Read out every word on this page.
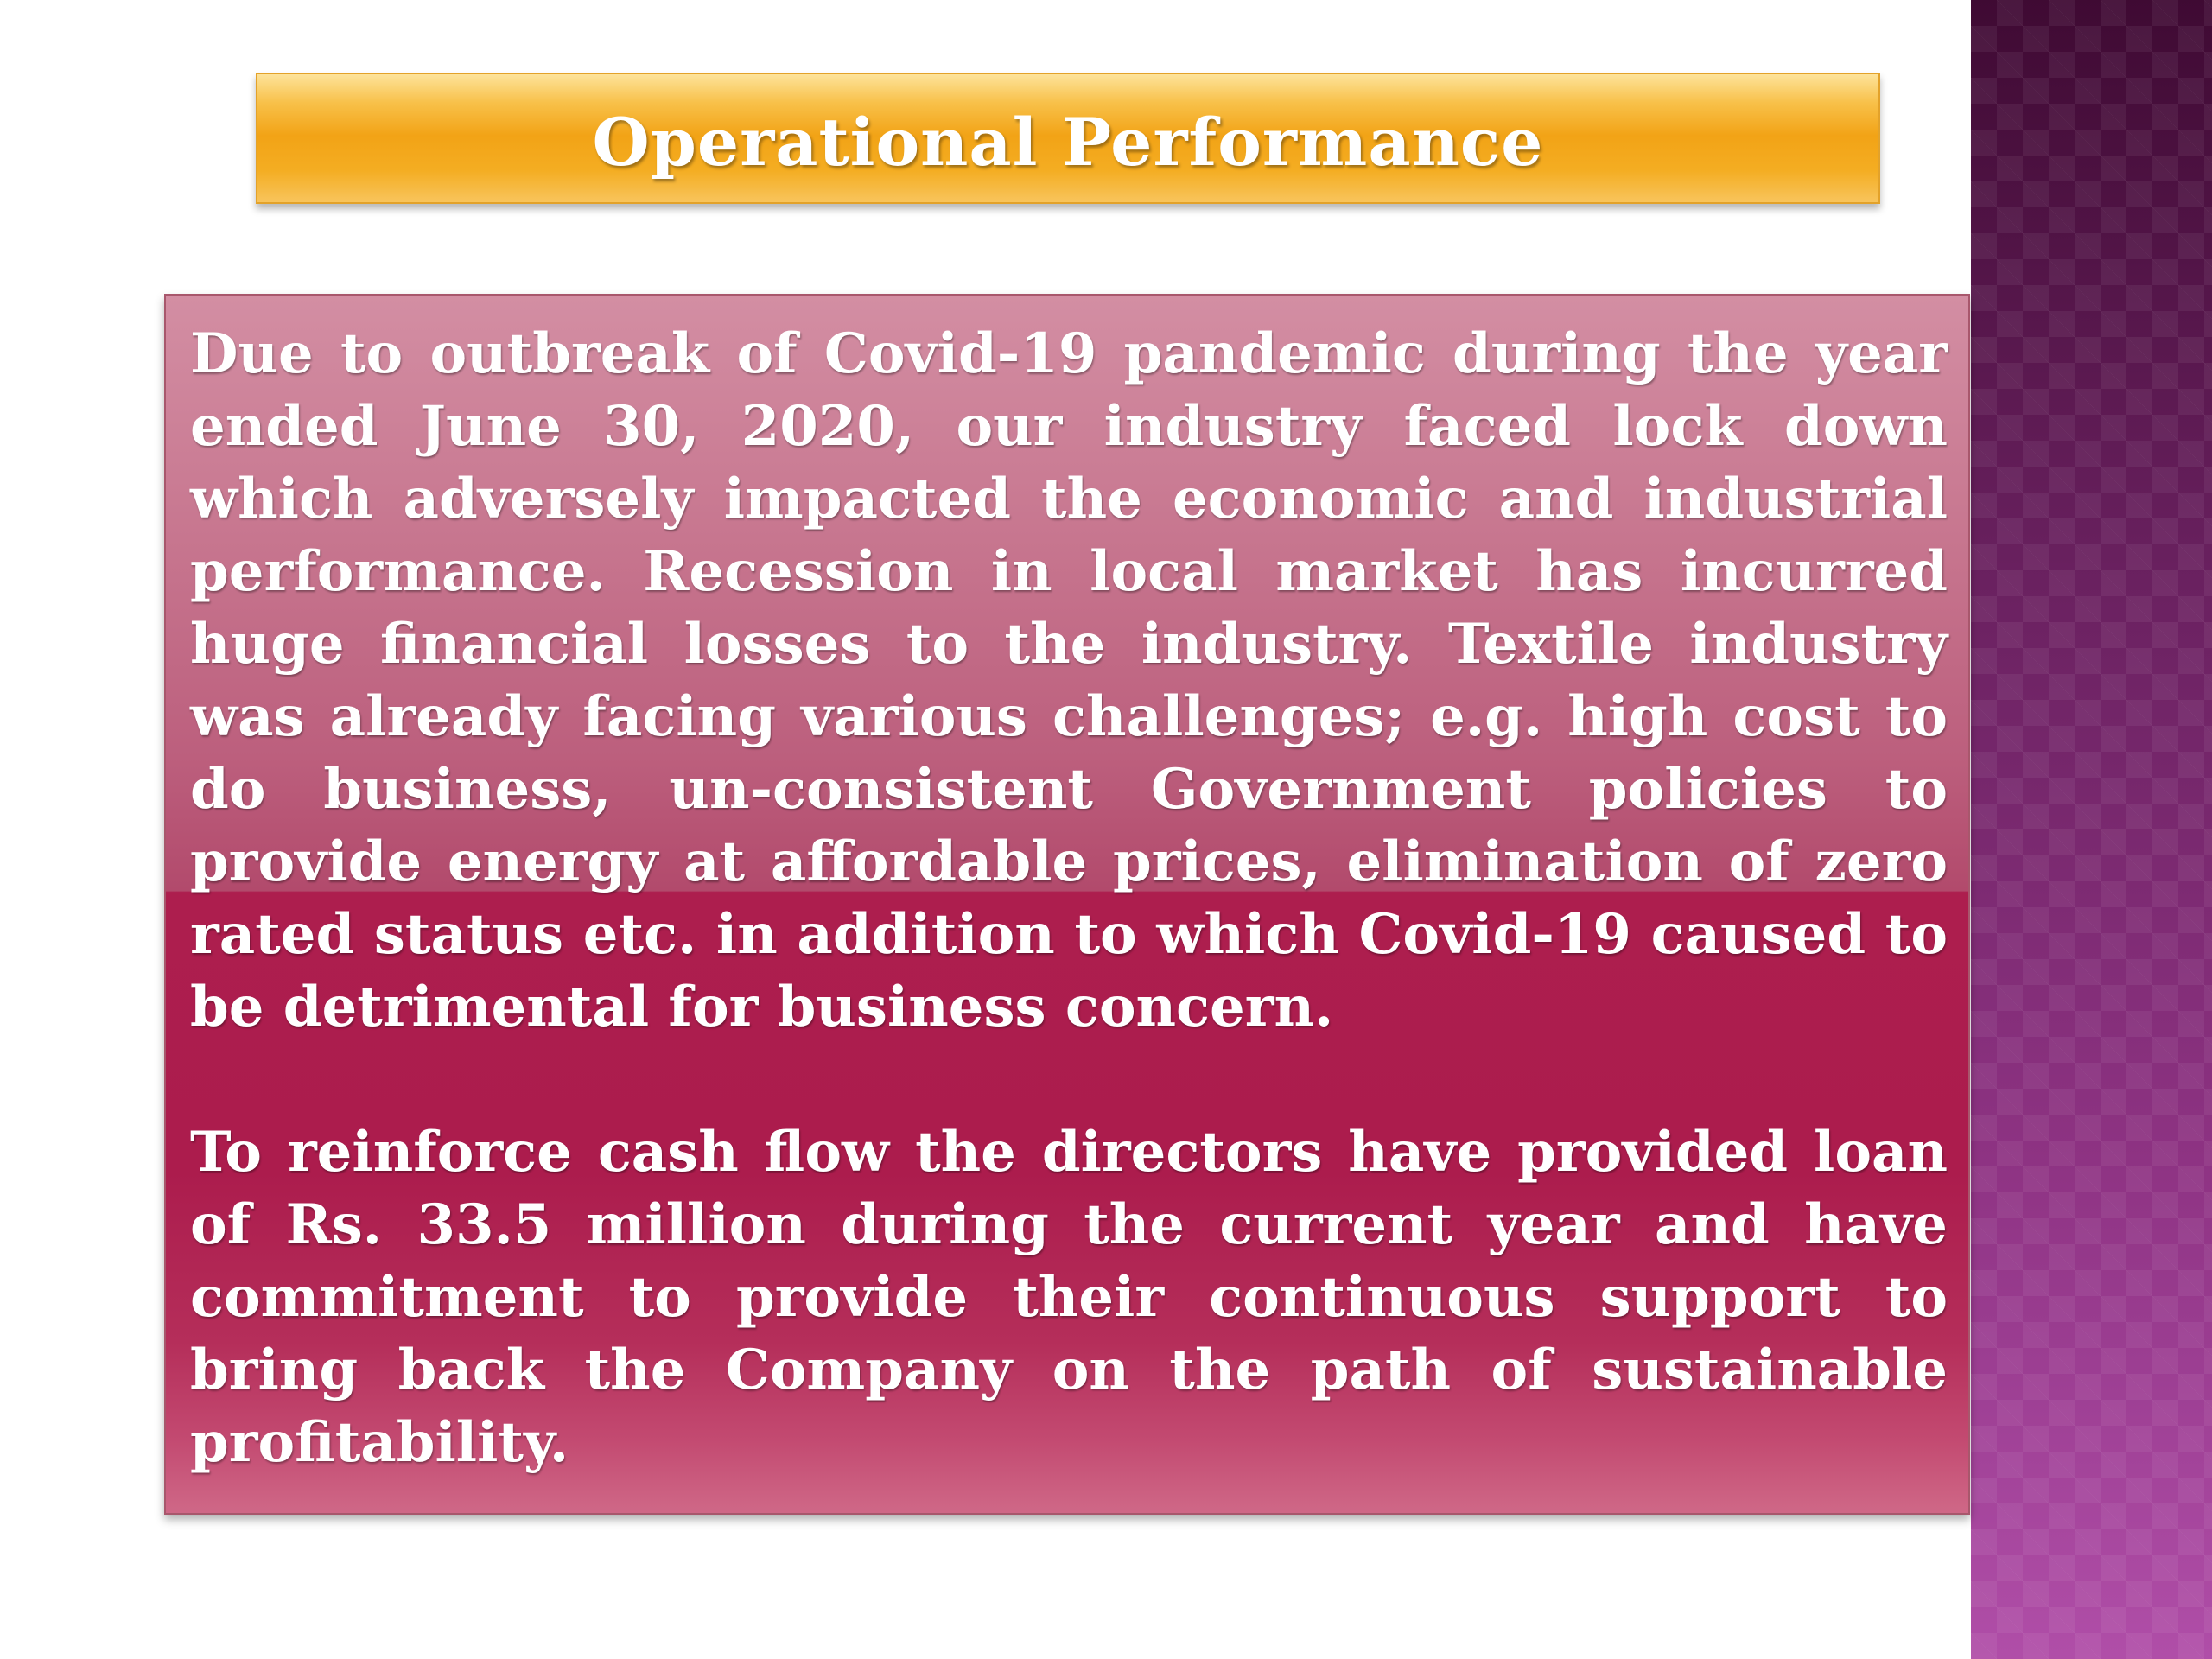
Operational Performance

Due to outbreak of Covid-19 pandemic during the year ended June 30, 2020, our industry faced lock down which adversely impacted the economic and industrial performance. Recession in local market has incurred huge financial losses to the industry. Textile industry was already facing various challenges; e.g. high cost to do business, un-consistent Government policies to provide energy at affordable prices, elimination of zero rated status etc. in addition to which Covid-19 caused to be detrimental for business concern.

To reinforce cash flow the directors have provided loan of Rs. 33.5 million during the current year and have commitment to provide their continuous support to bring back the Company on the path of sustainable profitability.
